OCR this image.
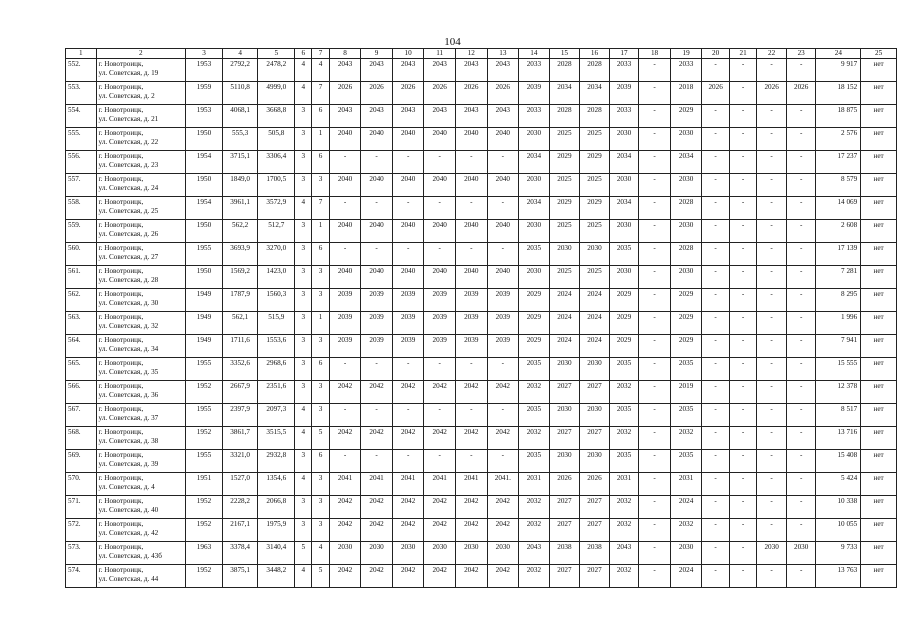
104
1	2	3	4	5	6	7	8	9	10	11	12	13	14	15	16	17	18	19	20	21	22	23	24	25
552.	г. Новотроицк,
ул. Советская, д. 19	1953	2792,2	2478,2	4	4	2043	2043	2043	2043	2043	2043	2033	2028	2028	2033	-	2033	-	-	-	-	9 917	нет
553.	г. Новотроицк,
ул. Советская, д. 2	1959	5110,8	4999,0	4	7	2026	2026	2026	2026	2026	2026	2039	2034	2034	2039	-	2018	2026	-	2026	2026	18 152	нет
554.	г. Новотроицк,
ул. Советская, д. 21	1953	4068,1	3668,8	3	6	2043	2043	2043	2043	2043	2043	2033	2028	2028	2033	-	2029	-	-	-	-	18 875	нет
555.	г. Новотроицк,
ул. Советская, д. 22	1950	555,3	505,8	3	1	2040	2040	2040	2040	2040	2040	2030	2025	2025	2030	-	2030	-	-	-	-	2 576	нет
556.	г. Новотроицк,
ул. Советская, д. 23	1954	3715,1	3306,4	3	6	-	-	-	-	-	-	2034	2029	2029	2034	-	2034	-	-	-	-	17 237	нет
557.	г. Новотроицк,
ул. Советская, д. 24	1950	1849,0	1700,5	3	3	2040	2040	2040	2040	2040	2040	2030	2025	2025	2030	-	2030	-	-	-	-	8 579	нет
558.	г. Новотроицк,
ул. Советская, д. 25	1954	3961,1	3572,9	4	7	-	-	-	-	-	-	2034	2029	2029	2034	-	2028	-	-	-	-	14 069	нет
559.	г. Новотроицк,
ул. Советская, д. 26	1950	562,2	512,7	3	1	2040	2040	2040	2040	2040	2040	2030	2025	2025	2030	-	2030	-	-	-	-	2 608	нет
560.	г. Новотроицк,
ул. Советская, д. 27	1955	3693,9	3270,0	3	6	-	-	-	-	-	-	2035	2030	2030	2035	-	2028	-	-	-	-	17 139	нет
561.	г. Новотроицк,
ул. Советская, д. 28	1950	1569,2	1423,0	3	3	2040	2040	2040	2040	2040	2040	2030	2025	2025	2030	-	2030	-	-	-	-	7 281	нет
562.	г. Новотроицк,
ул. Советская, д. 30	1949	1787,9	1560,3	3	3	2039	2039	2039	2039	2039	2039	2029	2024	2024	2029	-	2029	-	-	-	-	8 295	нет
563.	г. Новотроицк,
ул. Советская, д. 32	1949	562,1	515,9	3	1	2039	2039	2039	2039	2039	2039	2029	2024	2024	2029	-	2029	-	-	-	-	1 996	нет
564.	г. Новотроицк,
ул. Советская, д. 34	1949	1711,6	1553,6	3	3	2039	2039	2039	2039	2039	2039	2029	2024	2024	2029	-	2029	-	-	-	-	7 941	нет
565.	г. Новотроицк,
ул. Советская, д. 35	1955	3352,6	2968,6	3	6	-	-	-	-	-	-	2035	2030	2030	2035	-	2035	-	-	-	-	15 555	нет
566.	г. Новотроицк,
ул. Советская, д. 36	1952	2667,9	2351,6	3	3	2042	2042	2042	2042	2042	2042	2032	2027	2027	2032	-	2019	-	-	-	-	12 378	нет
567.	г. Новотроицк,
ул. Советская, д. 37	1955	2397,9	2097,3	4	3	-	-	-	-	-	-	2035	2030	2030	2035	-	2035	-	-	-	-	8 517	нет
568.	г. Новотроицк,
ул. Советская, д. 38	1952	3861,7	3515,5	4	5	2042	2042	2042	2042	2042	2042	2032	2027	2027	2032	-	2032	-	-	-	-	13 716	нет
569.	г. Новотроицк,
ул. Советская, д. 39	1955	3321,0	2932,8	3	6	-	-	-	-	-	-	2035	2030	2030	2035	-	2035	-	-	-	-	15 408	нет
570.	г. Новотроицк,
ул. Советская, д. 4	1951	1527,0	1354,6	4	3	2041	2041	2041	2041	2041	2041.	2031	2026	2026	2031	-	2031	-	-	-	-	5 424	нет
571.	г. Новотроицк,
ул. Советская, д. 40	1952	2228,2	2066,8	3	3	2042	2042	2042	2042	2042	2042	2032	2027	2027	2032	-	2024	-	-	-	-	10 338	нет
572.	г. Новотроицк,
ул. Советская, д. 42	1952	2167,1	1975,9	3	3	2042	2042	2042	2042	2042	2042	2032	2027	2027	2032	-	2032	-	-	-	-	10 055	нет
573.	г. Новотроицк,
ул. Советская, д. 43б	1963	3378,4	3140,4	5	4	2030	2030	2030	2030	2030	2030	2043	2038	2038	2043	-	2030	-	-	2030	2030	9 733	нет
574.	г. Новотроицк,
ул. Советская, д. 44	1952	3875,1	3448,2	4	5	2042	2042	2042	2042	2042	2042	2032	2027	2027	2032	-	2024	-	-	-	-	13 763	нет
